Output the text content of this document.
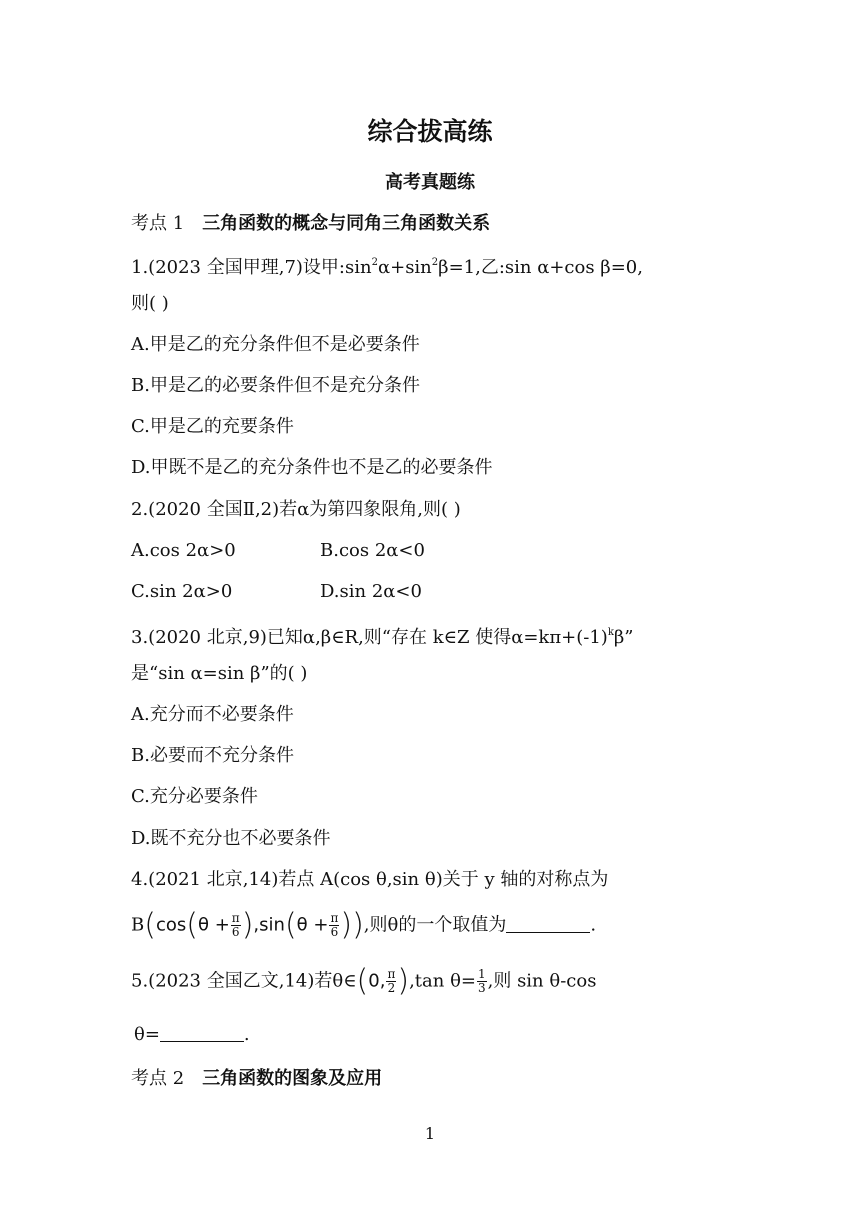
综合拔高练
高考真题练
考点 1 三角函数的概念与同角三角函数关系
1.(2023 全国甲理,7)设甲$:\sin^2\alpha+\sin^2\beta=1$,乙:sin α+cos β=0,
则( )
A.甲是乙的充分条件但不是必要条件
B.甲是乙的必要条件但不是充分条件
C.甲是乙的充要条件
D.甲既不是乙的充分条件也不是乙的必要条件
2.(2020 全国Ⅱ,2)若α为第四象限角,则( )
A.cos 2α>0	B.cos 2α<0
C.sin 2α>0	D.sin 2α<0
3.(2020 北京,9)已知α,β∈R,则“存在 k∈Z 使得$\alpha=k\pi+(-1)^k\beta$”
是“sin α=sin β”的( )
A.充分而不必要条件
B.必要而不充分条件
C.充分必要条件
D.既不充分也不必要条件
4.(2021 北京,14)若点 A(cos θ,sin θ)关于 y 轴的对称点为
$B(\cos(\theta + \frac{\pi}{6} ),\sin(\theta + \frac{\pi}{6}$ )),则θ的一个取值为	.
5.(2023 全国乙文,14)若θ∈(0, $\frac{\pi}{2} ),\tan$ $\theta= \frac{1}{3}$ ,则 sin θ-cos
θ=	.
考点 2 三角函数的图象及应用
1
